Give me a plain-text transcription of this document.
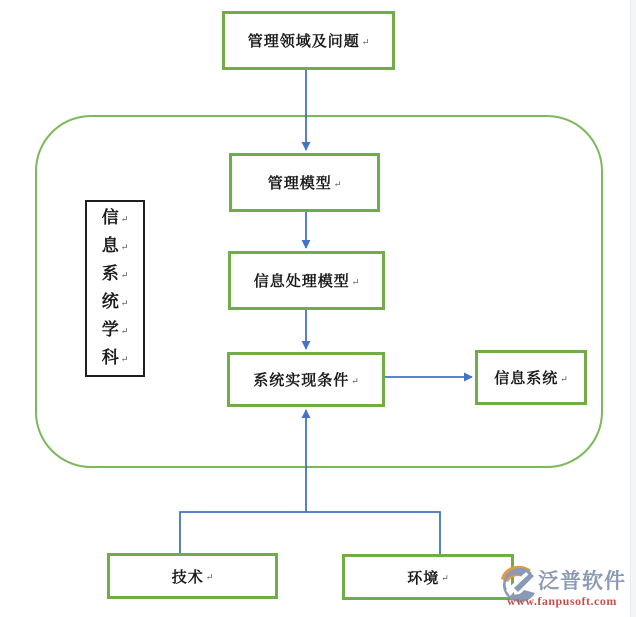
管理领域及问题 ↵
信 ↵
息 ↵
系 ↵
统 ↵
学 ↵
科 ↵
管理模型 ↵
信息处理模型 ↵
系统实现条件 ↵	信息系统 ↵
技术 ↵	环境 ↵	泛普软件
www.fanpusoft.com
